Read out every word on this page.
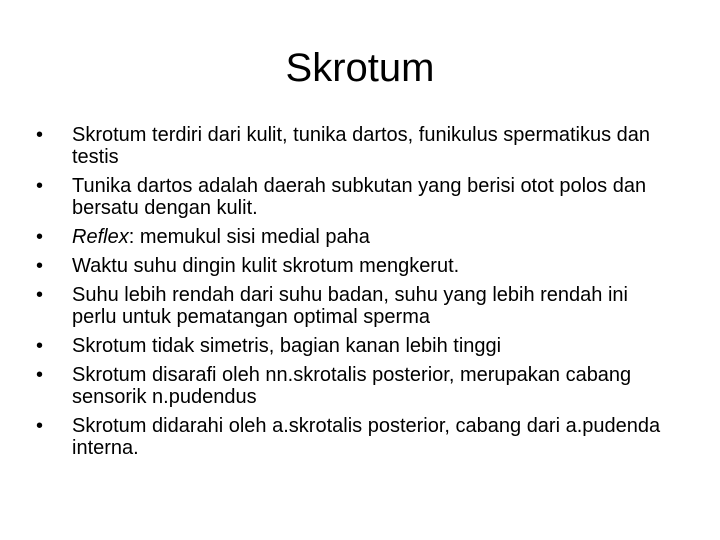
Skrotum
•	Skrotum terdiri dari kulit, tunika dartos, funikulus spermatikus dan testis
•	Tunika dartos adalah daerah subkutan yang berisi otot polos dan bersatu dengan kulit.
•	Reflex: memukul sisi medial paha
•	Waktu suhu dingin kulit skrotum mengkerut.
•	Suhu lebih rendah dari suhu badan, suhu yang lebih rendah ini perlu untuk pematangan optimal sperma
•	Skrotum tidak simetris, bagian kanan lebih tinggi
•	Skrotum disarafi oleh nn.skrotalis posterior, merupakan cabang sensorik n.pudendus
•	Skrotum didarahi oleh a.skrotalis posterior, cabang dari a.pudenda interna.
